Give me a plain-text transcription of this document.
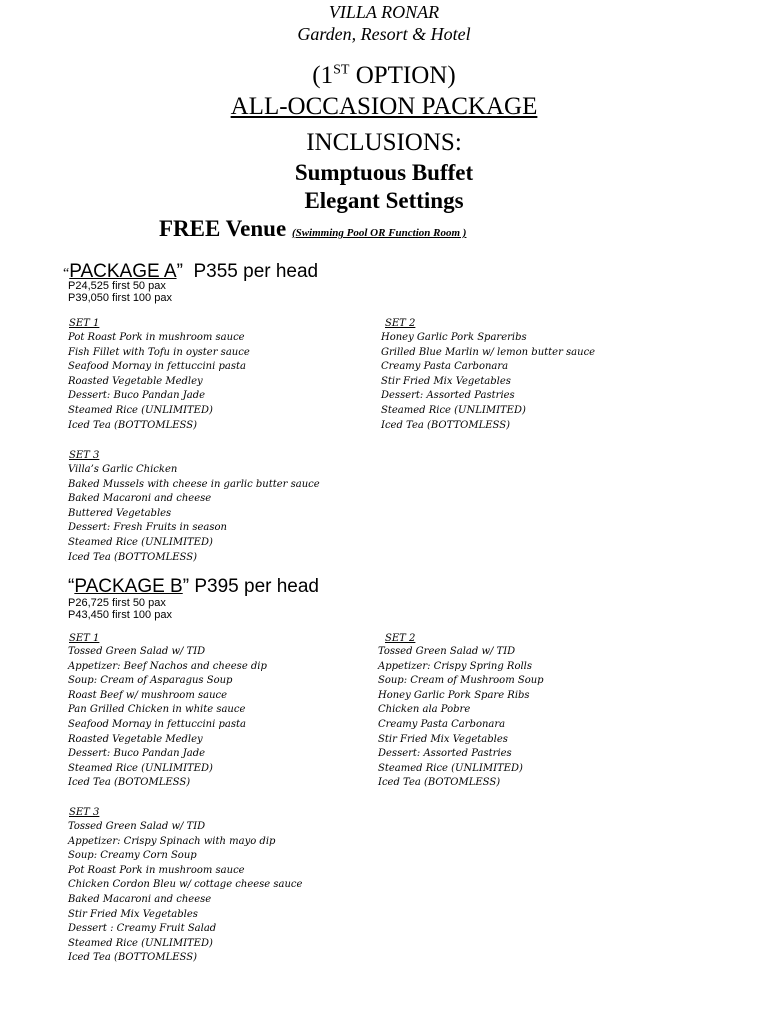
VILLA RONAR
Garden, Resort & Hotel
(1ST OPTION)
ALL-OCCASION PACKAGE
INCLUSIONS:
Sumptuous Buffet
Elegant Settings
FREE Venue (Swimming Pool OR Function Room )
“PACKAGE A” P355 per head
P24,525 first 50 pax
P39,050 first 100 pax
SET 1
Pot Roast Pork in mushroom sauce
Fish Fillet with Tofu in oyster sauce
Seafood Mornay in fettuccini pasta
Roasted Vegetable Medley
Dessert: Buco Pandan Jade
Steamed Rice (UNLIMITED)
Iced Tea (BOTTOMLESS)
SET 2
Honey Garlic Pork Spareribs
Grilled Blue Marlin w/ lemon butter sauce
Creamy Pasta Carbonara
Stir Fried Mix Vegetables
Dessert: Assorted Pastries
Steamed Rice (UNLIMITED)
Iced Tea (BOTTOMLESS)
SET 3
Villa’s Garlic Chicken
Baked Mussels with cheese in garlic butter sauce
Baked Macaroni and cheese
Buttered Vegetables
Dessert: Fresh Fruits in season
Steamed Rice (UNLIMITED)
Iced Tea (BOTTOMLESS)
“PACKAGE B” P395 per head
P26,725 first 50 pax
P43,450 first 100 pax
SET 1
Tossed Green Salad w/ TID
Appetizer: Beef Nachos and cheese dip
Soup: Cream of Asparagus Soup
Roast Beef w/ mushroom sauce
Pan Grilled Chicken in white sauce
Seafood Mornay in fettuccini pasta
Roasted Vegetable Medley
Dessert: Buco Pandan Jade
Steamed Rice (UNLIMITED)
Iced Tea (BOTOMLESS)
SET 2
Tossed Green Salad w/ TID
Appetizer: Crispy Spring Rolls
Soup: Cream of Mushroom Soup
Honey Garlic Pork Spare Ribs
Chicken ala Pobre
Creamy Pasta Carbonara
Stir Fried Mix Vegetables
Dessert: Assorted Pastries
Steamed Rice (UNLIMITED)
Iced Tea (BOTOMLESS)
SET 3
Tossed Green Salad w/ TID
Appetizer: Crispy Spinach with mayo dip
Soup: Creamy Corn Soup
Pot Roast Pork in mushroom sauce
Chicken Cordon Bleu w/ cottage cheese sauce
Baked Macaroni and cheese
Stir Fried Mix Vegetables
Dessert : Creamy Fruit Salad
Steamed Rice (UNLIMITED)
Iced Tea (BOTTOMLESS)
